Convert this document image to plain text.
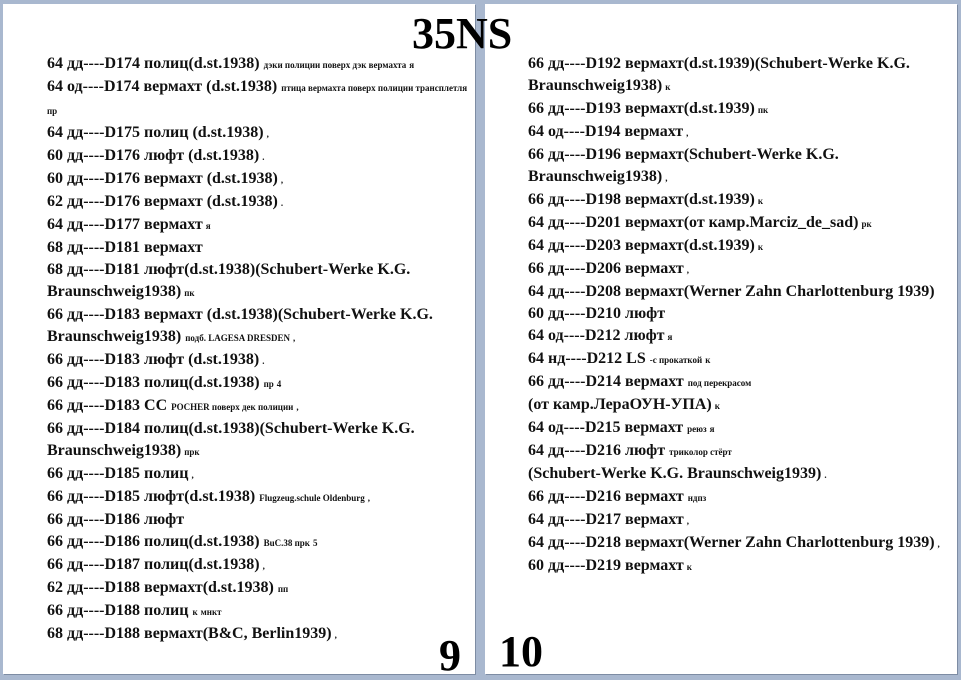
35NS
64 дд----D174 полиц(d.st.1938) дэки полиции поверх дэк вермахта я
64 од----D174 вермахт (d.st.1938) птица вермахта поверх полиции трансплетля пр
64 дд----D175 полиц (d.st.1938) ,
60 дд----D176 люфт (d.st.1938) .
60 дд----D176 вермахт (d.st.1938) ,
62 дд----D176 вермахт (d.st.1938) .
64 дд----D177 вермахт я
68 дд----D181 вермахт
68 дд----D181 люфт(d.st.1938)(Schubert-Werke K.G. Braunschweig1938) пк
66 дд----D183 вермахт (d.st.1938)(Schubert-Werke K.G. Braunschweig1938) подб. LAGESA DRESDEN ,
66 дд----D183 люфт (d.st.1938) .
66 дд----D183 полиц(d.st.1938) пр 4
66 дд----D183 СС POCHER поверх дек полиции ,
66 дд----D184 полиц(d.st.1938)(Schubert-Werke K.G. Braunschweig1938) прк
66 дд----D185 полиц ,
66 дд----D185 люфт(d.st.1938) Flugzeug.schule Oldenburg ,
66 дд----D186 люфт
66 дд----D186 полиц(d.st.1938) BuC.38 прк 5
66 дд----D187 полиц(d.st.1938) ,
62 дд----D188 вермахт(d.st.1938) пп
66 дд----D188 полиц к мнкт
68 дд----D188 вермахт(B&C, Berlin1939) ,	9
66 дд----D192 вермахт(d.st.1939)(Schubert-Werke K.G. Braunschweig1938) к
66 дд----D193 вермахт(d.st.1939) пк
64 од----D194 вермахт ,
66 дд----D196 вермахт(Schubert-Werke K.G. Braunschweig1938) ,
66 дд----D198 вермахт(d.st.1939) к
64 дд----D201 вермахт(от камр.Marciz_de_sad) рк
64 дд----D203 вермахт(d.st.1939) к
66 дд----D206 вермахт ,
64 дд----D208 вермахт(Werner Zahn Charlottenburg 1939)
60 дд----D210 люфт
64 од----D212 люфт я
64 нд----D212 LS -с прокаткой к
66 дд----D214 вермахт под перекрасом
(от камр.ЛераОУН-УПА) к
64 од----D215 вермахт реюз я
64 дд----D216 люфт триколор стёрт
(Schubert-Werke K.G. Braunschweig1939) .
66 дд----D216 вермахт ндпз
64 дд----D217 вермахт ,
64 дд----D218 вермахт(Werner Zahn Charlottenburg 1939) ,
60 дд----D219 вермахт к
10
